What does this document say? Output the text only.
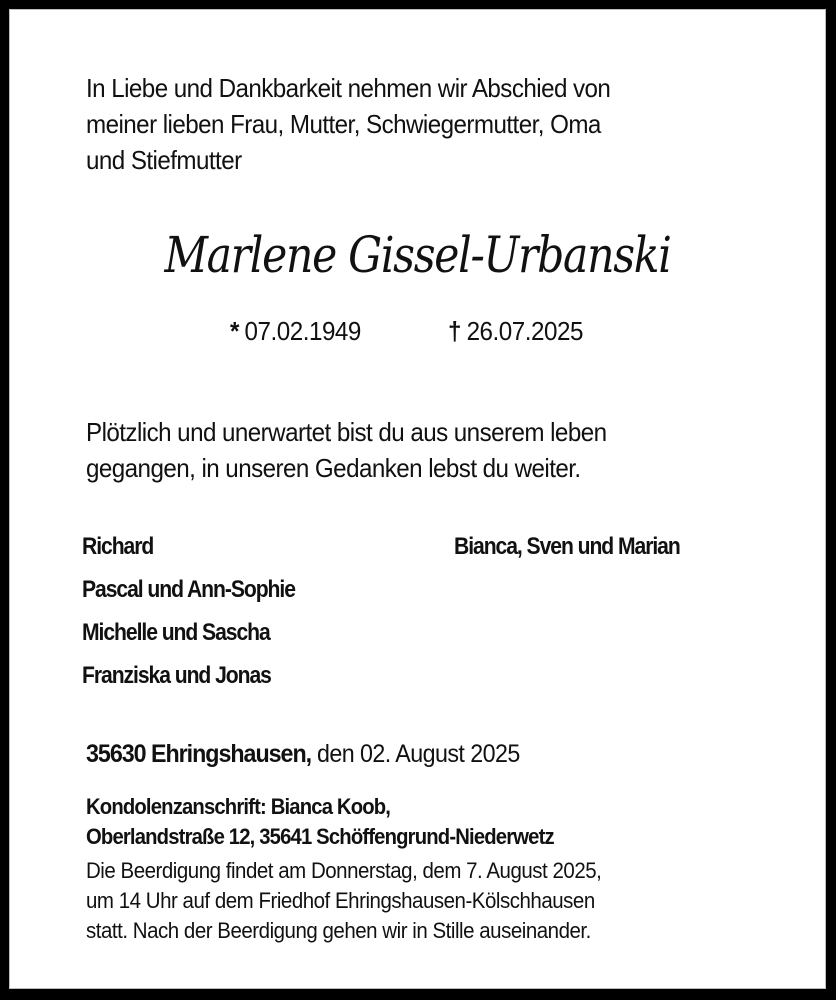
In Liebe und Dankbarkeit nehmen wir Abschied von
meiner lieben Frau, Mutter, Schwiegermutter, Oma
und Stiefmutter
Marlene Gissel-Urbanski
* 07.02.1949	† 26.07.2025
Plötzlich und unerwartet bist du aus unserem leben
gegangen, in unseren Gedanken lebst du weiter.
Richard
Pascal und Ann-Sophie
Michelle und Sascha
Franziska und Jonas
Bianca, Sven und Marian
35630 Ehringshausen, den 02. August 2025
Kondolenzanschrift: Bianca Koob,
Oberlandstraße 12, 35641 Schöffengrund-Niederwetz
Die Beerdigung findet am Donnerstag, dem 7. August 2025,
um 14 Uhr auf dem Friedhof Ehringshausen-Kölschhausen
statt. Nach der Beerdigung gehen wir in Stille auseinander.
